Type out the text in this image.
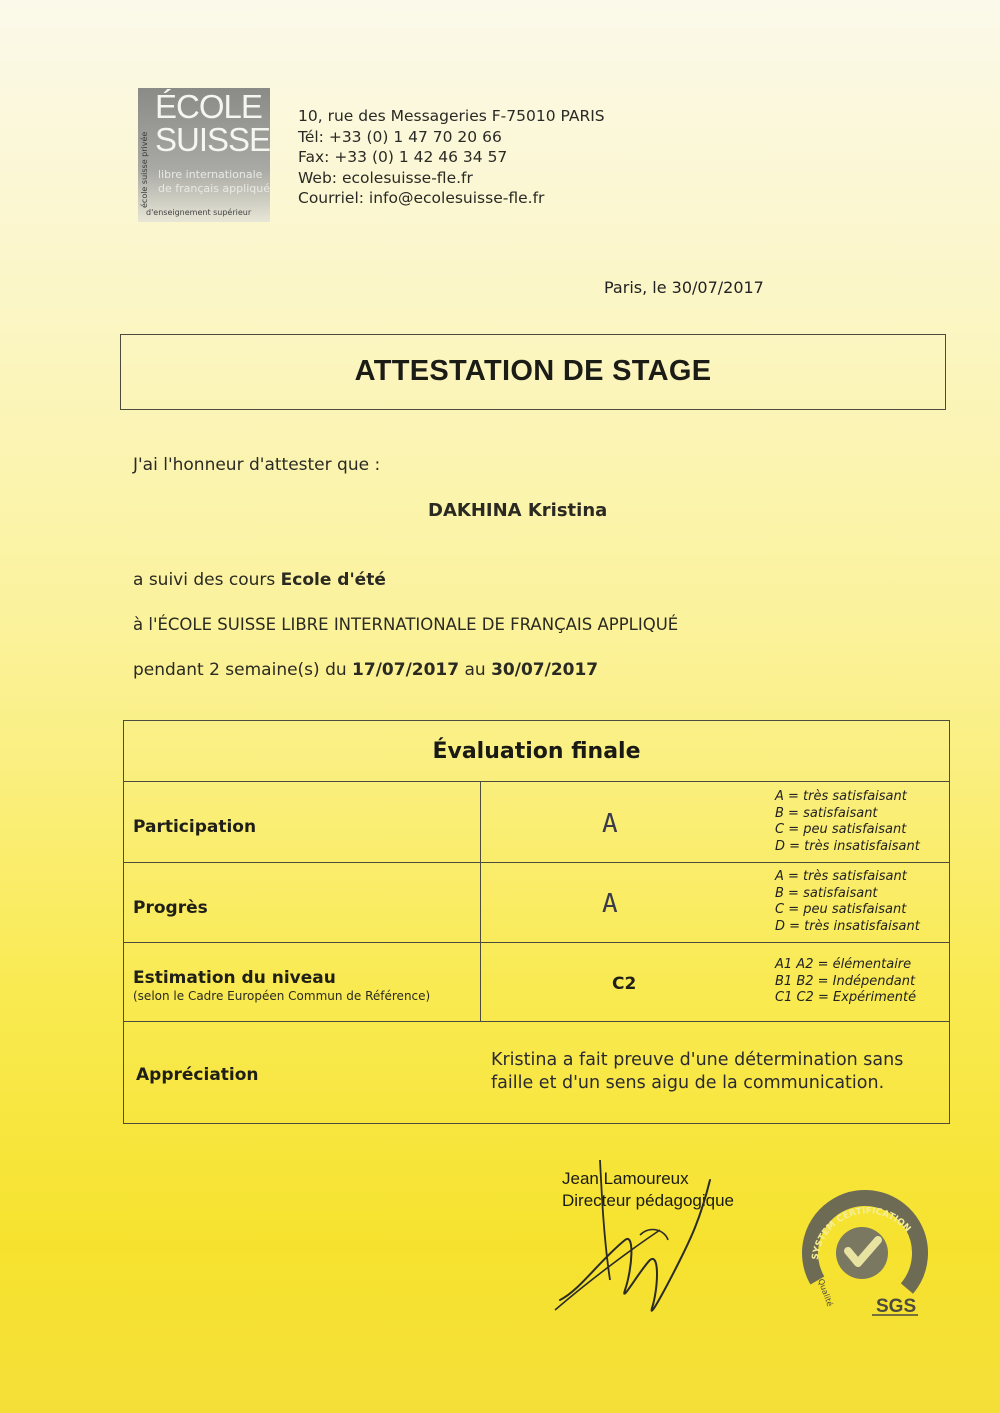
ÉCOLE
SUISSE
libre internationale
de français appliqué
école suisse privée
d'enseignement supérieur
10, rue des Messageries F-75010 PARIS
Tél: +33 (0) 1 47 70 20 66
Fax: +33 (0) 1 42 46 34 57
Web: ecolesuisse-fle.fr
Courriel: info@ecolesuisse-fle.fr
Paris, le 30/07/2017
ATTESTATION DE STAGE
J'ai l'honneur d'attester que :
DAKHINA Kristina
a suivi des cours Ecole d'été
à l'ÉCOLE SUISSE LIBRE INTERNATIONALE DE FRANÇAIS APPLIQUÉ
pendant 2 semaine(s) du 17/07/2017 au 30/07/2017
Évaluation finale
Participation	A
A = très satisfaisant
B = satisfaisant
C = peu satisfaisant
D = très insatisfaisant
Progrès	A
A = très satisfaisant
B = satisfaisant
C = peu satisfaisant
D = très insatisfaisant
Estimation du niveau
(selon le Cadre Européen Commun de Référence)
C2
A1 A2 = élémentaire
B1 B2 = Indépendant
C1 C2 = Expérimenté
Appréciation
Kristina a fait preuve d'une détermination sans
faille et d'un sens aigu de la communication.
Jean Lamoureux
Directeur pédagogique
SYSTEM CERTIFICATION
Qualité SGS
